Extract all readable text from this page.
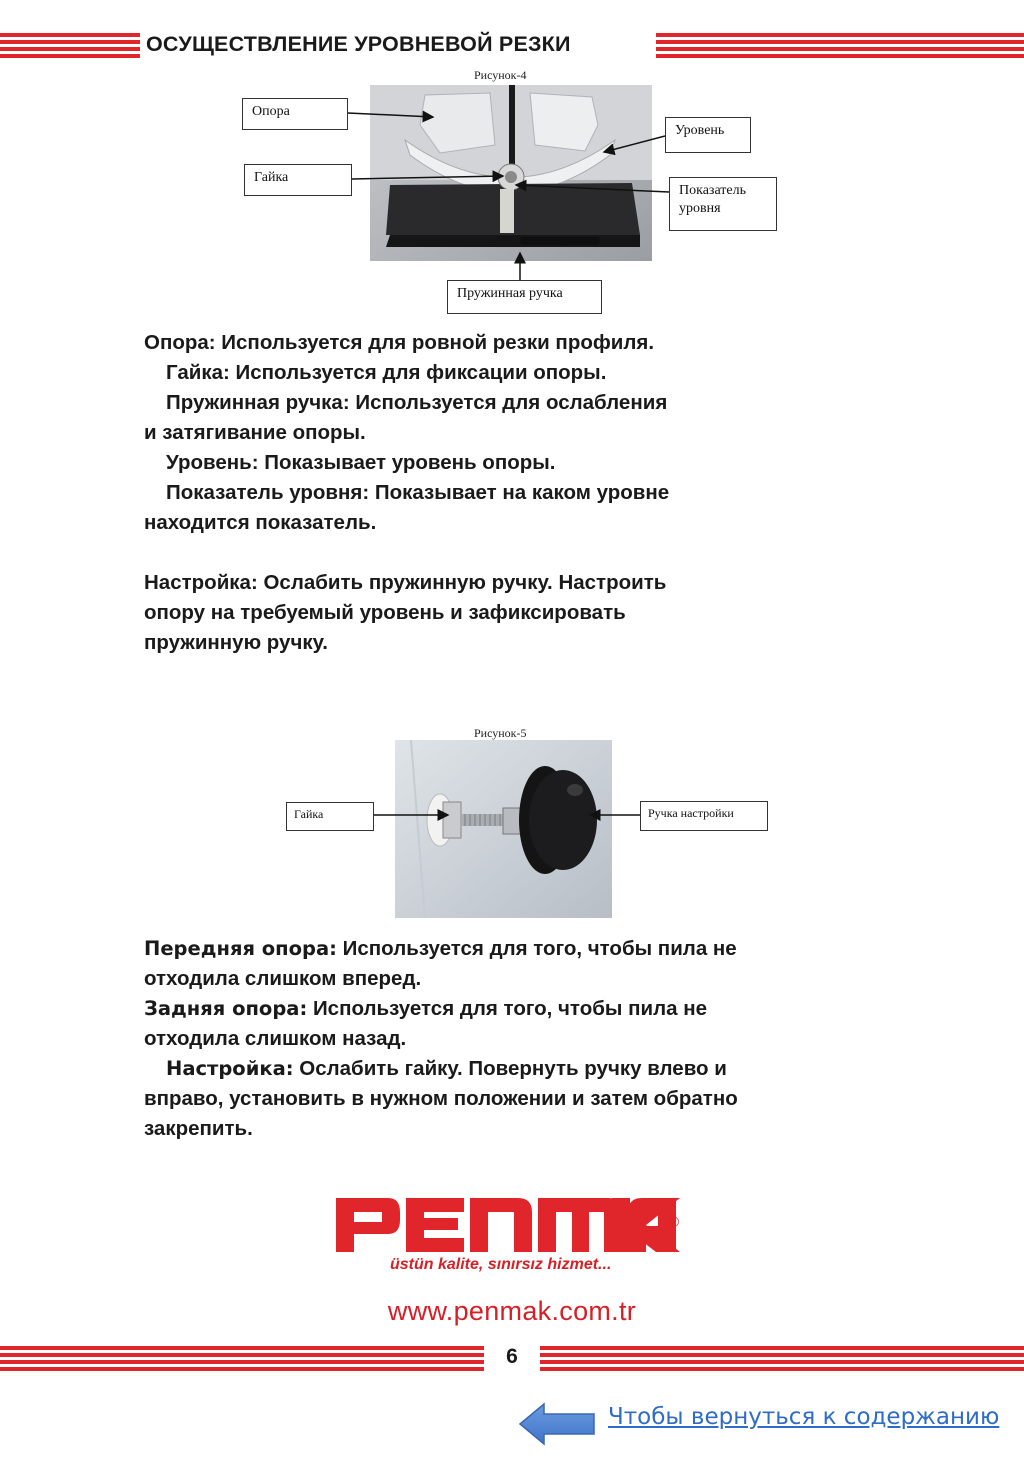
ОСУЩЕСТВЛЕНИЕ УРОВНЕВОЙ РЕЗКИ
Рисунок-4
Опора
Гайка
Уровень
Показатель уровня
Пружинная ручка

Опора: Используется для ровной резки профиля.

Гайка: Используется для фиксации опоры.

Пружинная ручка: Используется для ослабления

и затягивание опоры.

Уровень: Показывает уровень опоры.

Показатель уровня: Показывает на каком уровне

находится показатель.

Настройка: Ослабить пружинную ручку. Настроить

опору на требуемый уровень и зафиксировать

пружинную ручку.

Рисунок-5
Гайка	Ручка настройки

Передняя опора: Используется для того, чтобы пила не

отходила слишком вперед.

Задняя опора: Используется для того, чтобы пила не

отходила слишком назад.

Настройка: Ослабить гайку. Повернуть ручку влево и

вправо, установить в нужном положении и затем обратно

закрепить.

üstün kalite, sınırsız hizmet...
®
www.penmak.com.tr
6
Чтобы вернуться к содержанию
